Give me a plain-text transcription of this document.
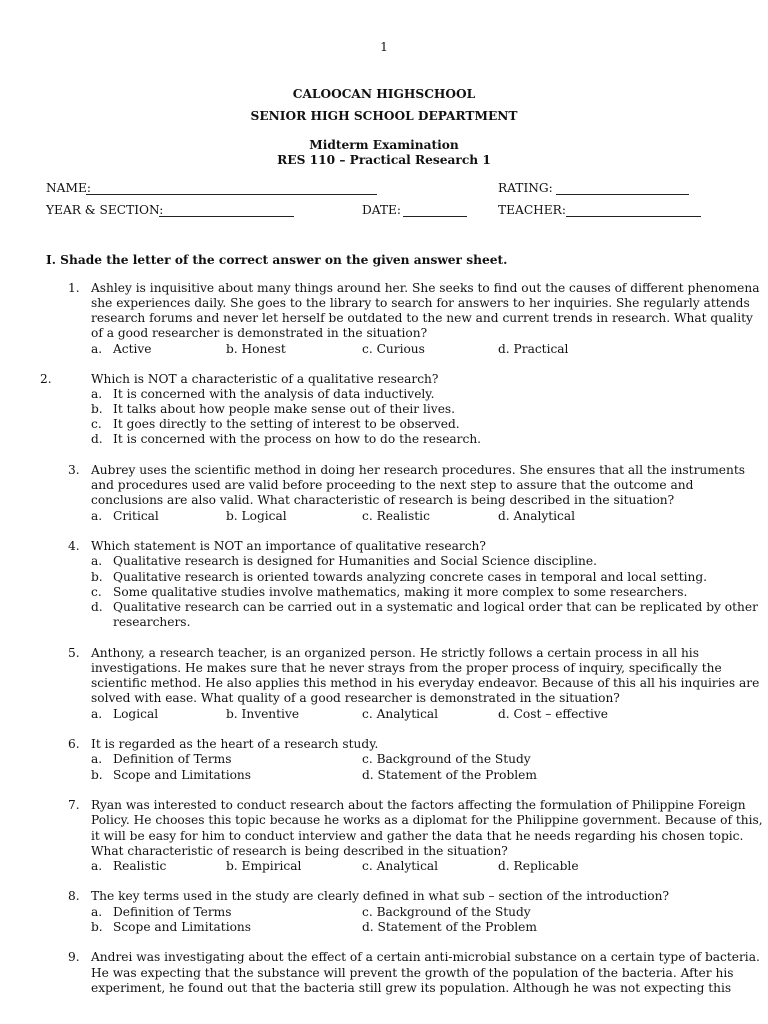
1
CALOOCAN HIGHSCHOOL
SENIOR HIGH SCHOOL DEPARTMENT
Midterm Examination
RES 110 – Practical Research 1
NAME:	RATING:
YEAR & SECTION:	DATE:	TEACHER:
I. Shade the letter of the correct answer on the given answer sheet.
1. Ashley is inquisitive about many things around her. She seeks to find out the causes of different phenomena
she experiences daily. She goes to the library to search for answers to her inquiries. She regularly attends
research forums and never let herself be outdated to the new and current trends in research. What quality
of a good researcher is demonstrated in the situation?
a. Active	b. Honest	c. Curious	d. Practical
2.	Which is NOT a characteristic of a qualitative research?
a. It is concerned with the analysis of data inductively.
b. It talks about how people make sense out of their lives.
c. It goes directly to the setting of interest to be observed.
d. It is concerned with the process on how to do the research.
3. Aubrey uses the scientific method in doing her research procedures. She ensures that all the instruments
and procedures used are valid before proceeding to the next step to assure that the outcome and
conclusions are also valid. What characteristic of research is being described in the situation?
a. Critical	b. Logical	c. Realistic	d. Analytical
4. Which statement is NOT an importance of qualitative research?
a. Qualitative research is designed for Humanities and Social Science discipline.
b. Qualitative research is oriented towards analyzing concrete cases in temporal and local setting.
c. Some qualitative studies involve mathematics, making it more complex to some researchers.
d. Qualitative research can be carried out in a systematic and logical order that can be replicated by other
researchers.
5. Anthony, a research teacher, is an organized person. He strictly follows a certain process in all his
investigations. He makes sure that he never strays from the proper process of inquiry, specifically the
scientific method. He also applies this method in his everyday endeavor. Because of this all his inquiries are
solved with ease. What quality of a good researcher is demonstrated in the situation?
a. Logical	b. Inventive	c. Analytical	d. Cost – effective
6. It is regarded as the heart of a research study.
a. Definition of Terms	c. Background of the Study
b. Scope and Limitations	d. Statement of the Problem
7. Ryan was interested to conduct research about the factors affecting the formulation of Philippine Foreign
Policy. He chooses this topic because he works as a diplomat for the Philippine government. Because of this,
it will be easy for him to conduct interview and gather the data that he needs regarding his chosen topic.
What characteristic of research is being described in the situation?
a. Realistic	b. Empirical	c. Analytical	d. Replicable
8. The key terms used in the study are clearly defined in what sub – section of the introduction?
a. Definition of Terms	c. Background of the Study
b. Scope and Limitations	d. Statement of the Problem
9. Andrei was investigating about the effect of a certain anti-microbial substance on a certain type of bacteria.
He was expecting that the substance will prevent the growth of the population of the bacteria. After his
experiment, he found out that the bacteria still grew its population. Although he was not expecting this
